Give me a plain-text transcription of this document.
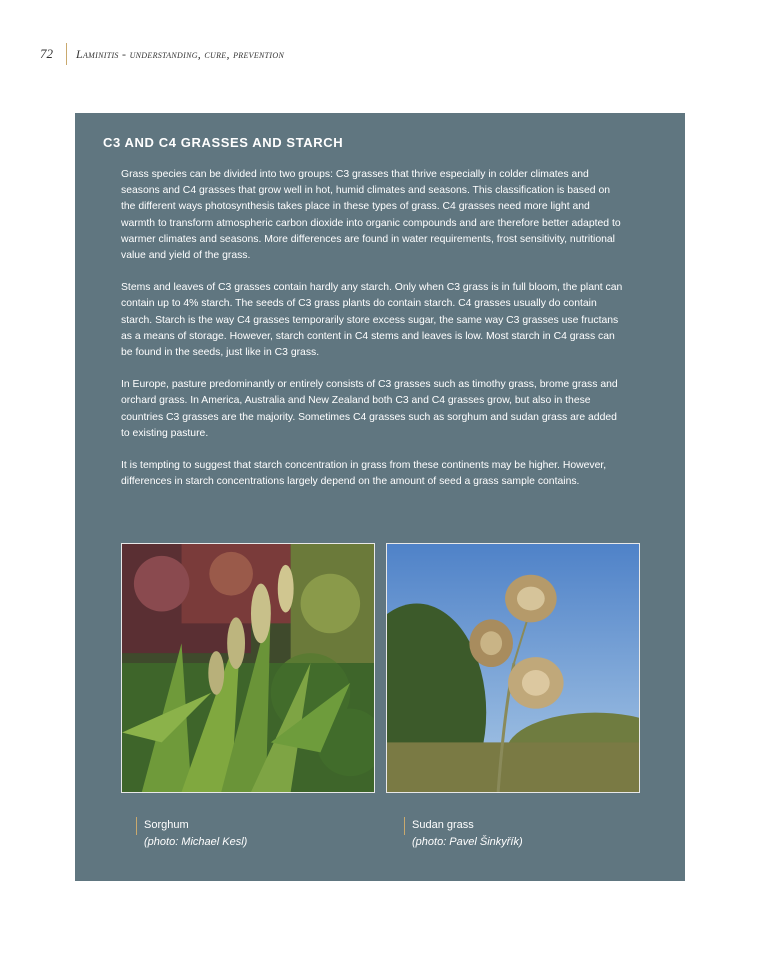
72	Laminitis - understanding, cure, prevention
C3 AND C4 GRASSES AND STARCH

Grass species can be divided into two groups: C3 grasses that thrive especially in colder climates and seasons and C4 grasses that grow well in hot, humid climates and seasons. This classification is based on the different ways photosynthesis takes place in these types of grass. C4 grasses need more light and warmth to transform atmospheric carbon dioxide into organic compounds and are therefore better adapted to warmer climates and seasons. More differences are found in water requirements, frost sensitivity, nutritional value and yield of the grass.

Stems and leaves of C3 grasses contain hardly any starch. Only when C3 grass is in full bloom, the plant can contain up to 4% starch. The seeds of C3 grass plants do contain starch. C4 grasses usually do contain starch. Starch is the way C4 grasses temporarily store excess sugar, the same way C3 grasses use fructans as a means of storage. However, starch content in C4 stems and leaves is low. Most starch in C4 grass can be found in the seeds, just like in C3 grass.

In Europe, pasture predominantly or entirely consists of C3 grasses such as timothy grass, brome grass and orchard grass. In America, Australia and New Zealand both C3 and C4 grasses grow, but also in these countries C3 grasses are the majority. Sometimes C4 grasses such as sorghum and sudan grass are added to existing pasture.

It is tempting to suggest that starch concentration in grass from these continents may be higher. However, differences in starch concentrations largely depend on the amount of seed a grass sample contains.

Sorghum
(photo: Michael Kesl)
Sudan grass
(photo: Pavel Šinkyřík)
